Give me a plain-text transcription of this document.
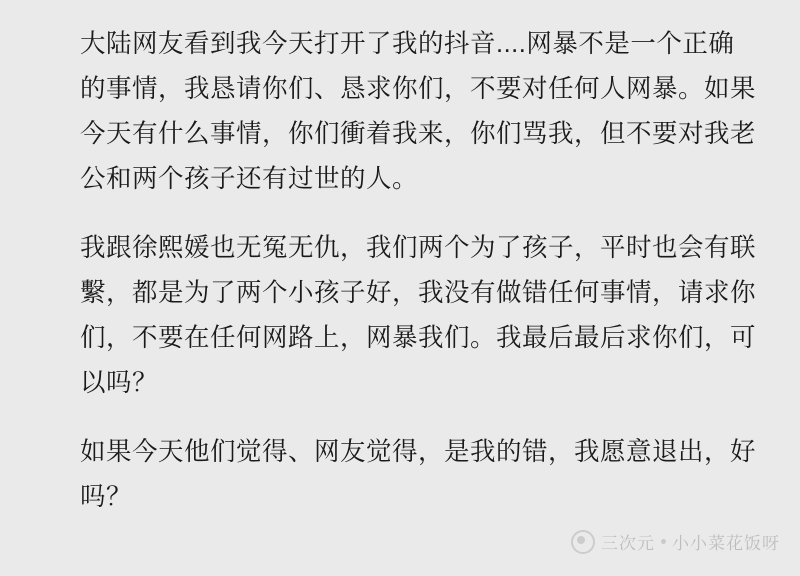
大陆网友看到我今天打开了我的抖音....网暴不是一个正确的事情，我恳请你们、恳求你们，不要对任何人网暴。如果今天有什么事情，你们衝着我来，你们骂我，但不要对我老公和两个孩子还有过世的人。

我跟徐熙媛也无冤无仇，我们两个为了孩子，平时也会有联繫，都是为了两个小孩子好，我没有做错任何事情，请求你们，不要在任何网路上，网暴我们。我最后最后求你们，可以吗？

如果今天他们觉得、网友觉得，是我的错，我愿意退出，好吗？

三次元 小小菜花饭呀
